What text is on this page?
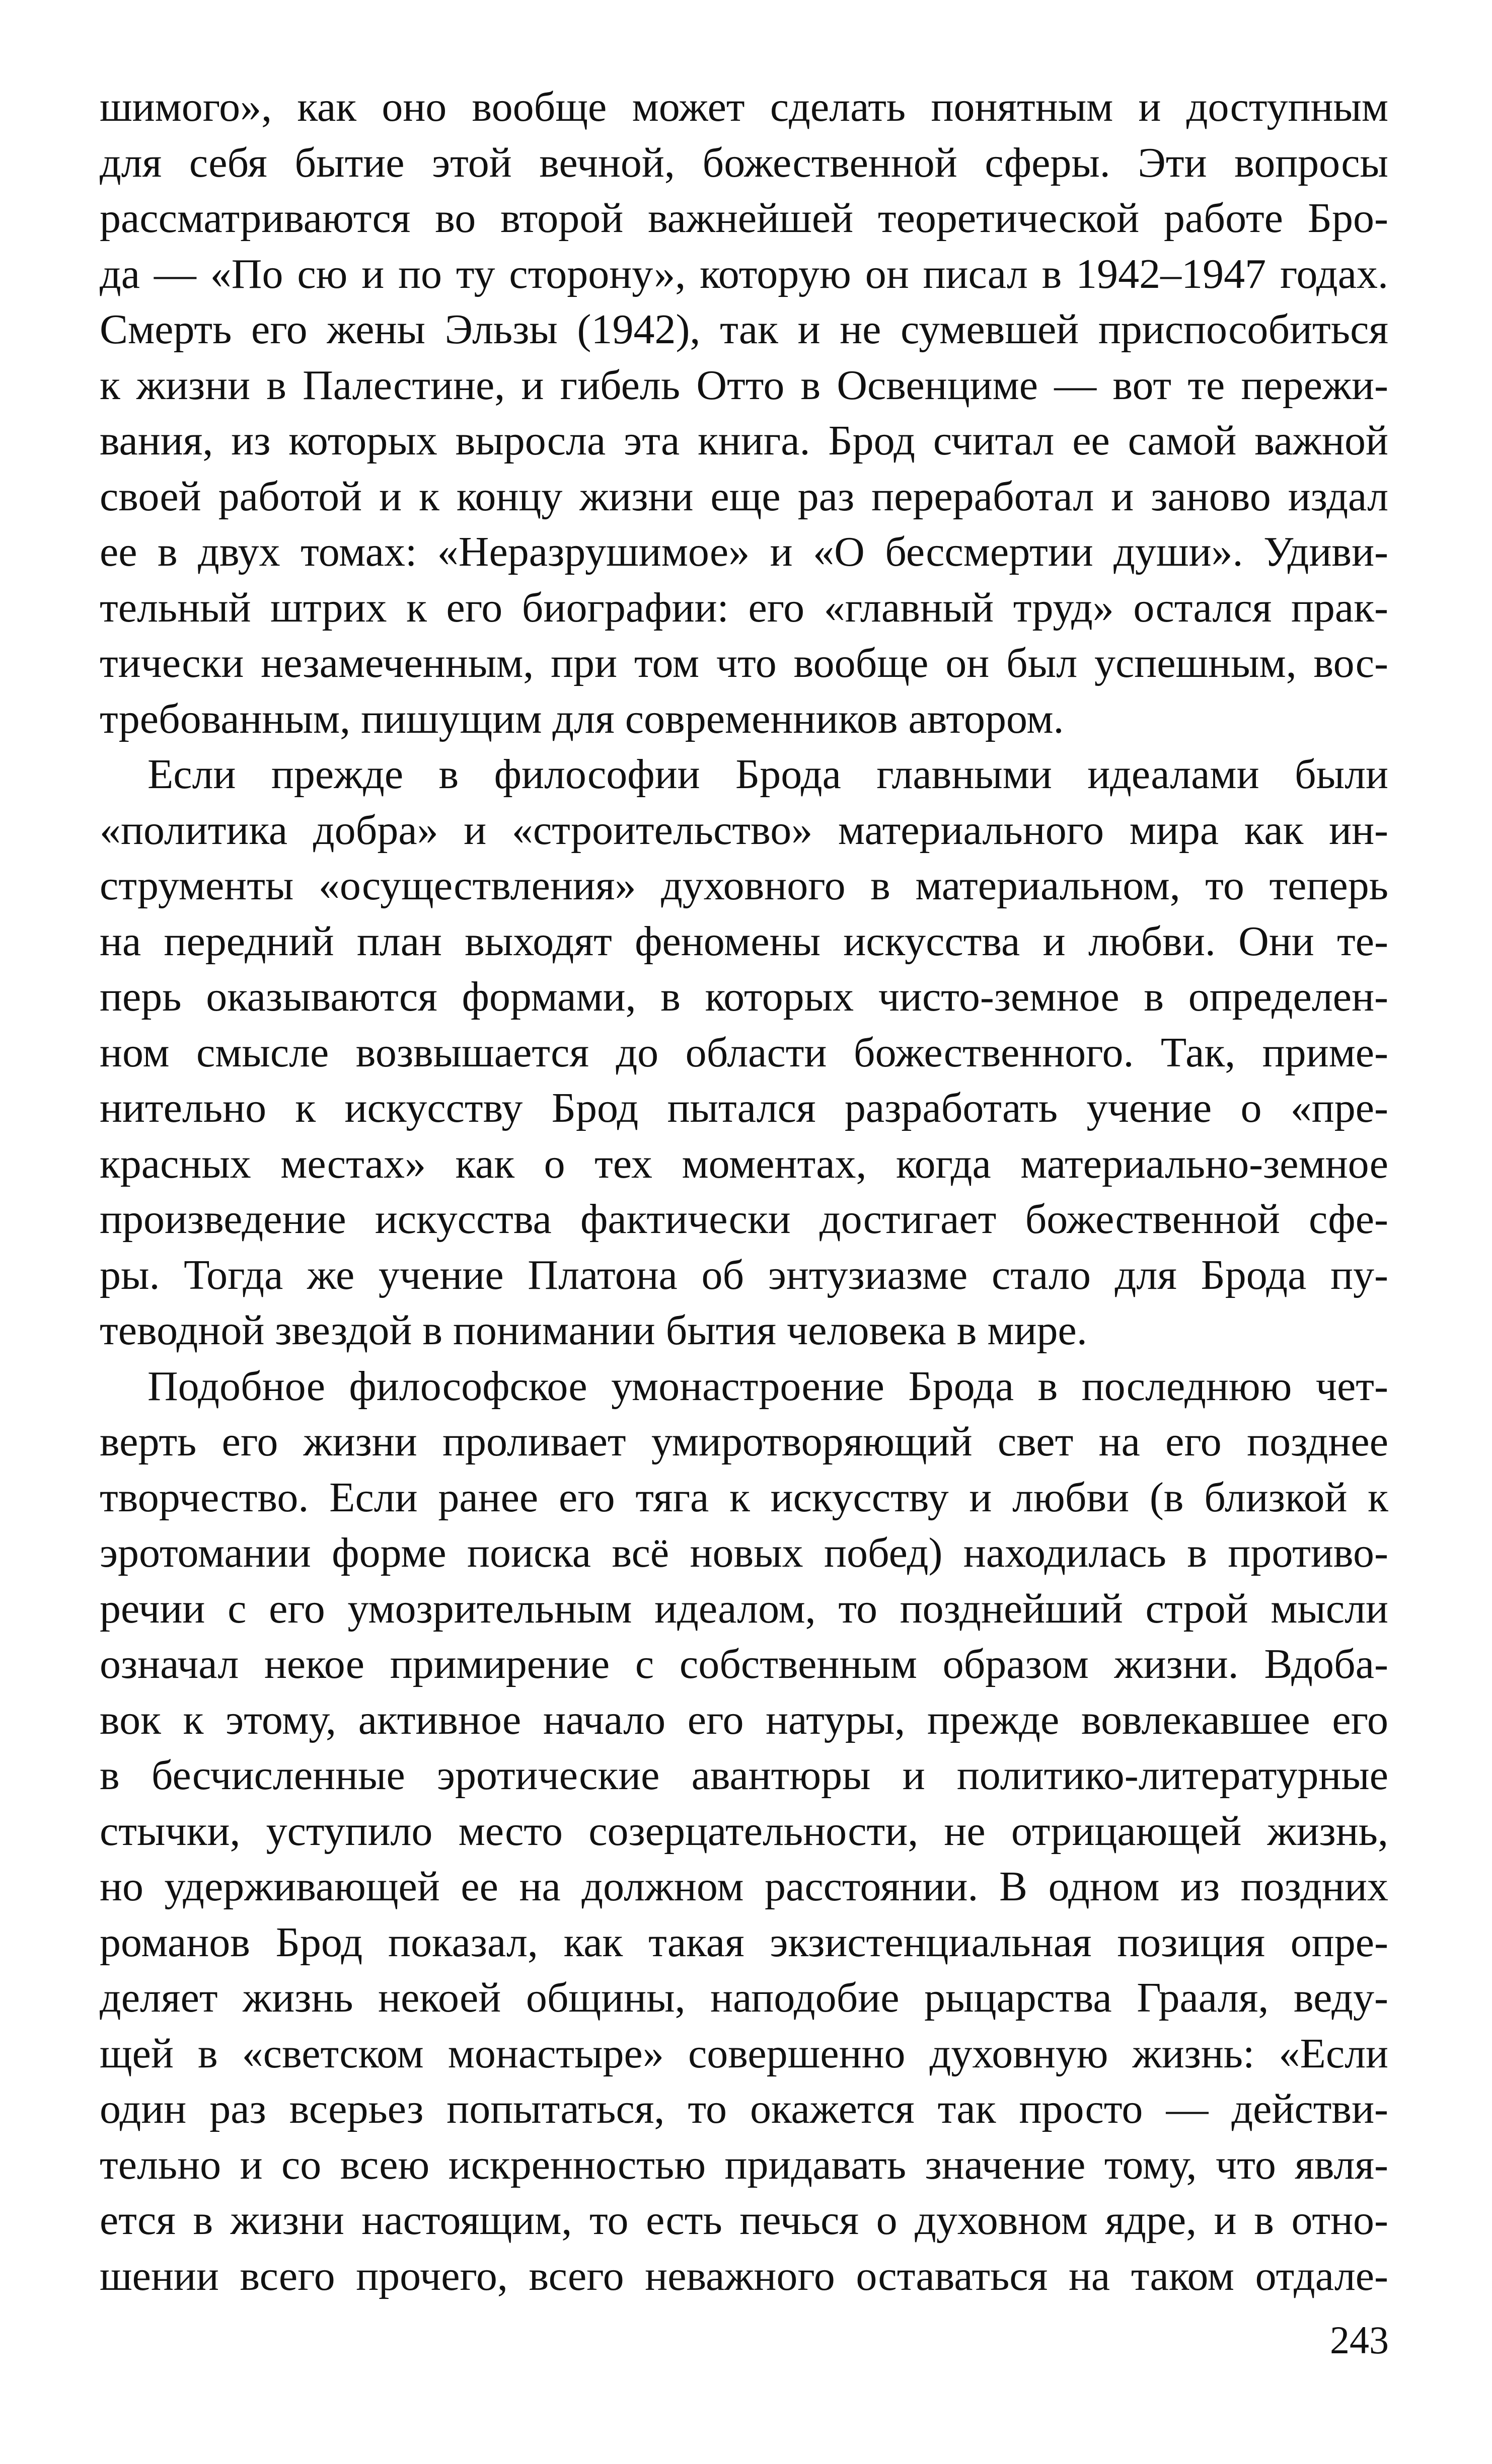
шимого», как оно вообще может сделать понятным и доступным
для себя бытие этой вечной, божественной сферы. Эти вопросы
рассматриваются во второй важнейшей теоретической работе Бро-
да — «По сю и по ту сторону», которую он писал в 1942–1947 годах.
Смерть его жены Эльзы (1942), так и не сумевшей приспособиться
к жизни в Палестине, и гибель Отто в Освенциме — вот те пережи-
вания, из которых выросла эта книга. Брод считал ее самой важной
своей работой и к концу жизни еще раз переработал и заново издал
ее в двух томах: «Неразрушимое» и «О бессмертии души». Удиви-
тельный штрих к его биографии: его «главный труд» остался прак-
тически незамеченным, при том что вообще он был успешным, вос-
требованным, пишущим для современников автором.
Если прежде в философии Брода главными идеалами были
«политика добра» и «строительство» материального мира как ин-
струменты «осуществления» духовного в материальном, то теперь
на передний план выходят феномены искусства и любви. Они те-
перь оказываются формами, в которых чисто-земное в определен-
ном смысле возвышается до области божественного. Так, приме-
нительно к искусству Брод пытался разработать учение о «пре-
красных местах» как о тех моментах, когда материально-земное
произведение искусства фактически достигает божественной сфе-
ры. Тогда же учение Платона об энтузиазме стало для Брода пу-
теводной звездой в понимании бытия человека в мире.
Подобное философское умонастроение Брода в последнюю чет-
верть его жизни проливает умиротворяющий свет на его позднее
творчество. Если ранее его тяга к искусству и любви (в близкой к
эротомании форме поиска всё новых побед) находилась в противо-
речии с его умозрительным идеалом, то позднейший строй мысли
означал некое примирение с собственным образом жизни. Вдоба-
вок к этому, активное начало его натуры, прежде вовлекавшее его
в бесчисленные эротические авантюры и политико-литературные
стычки, уступило место созерцательности, не отрицающей жизнь,
но удерживающей ее на должном расстоянии. В одном из поздних
романов Брод показал, как такая экзистенциальная позиция опре-
деляет жизнь некоей общины, наподобие рыцарства Грааля, веду-
щей в «светском монастыре» совершенно духовную жизнь: «Если
один раз всерьез попытаться, то окажется так просто — действи-
тельно и со всею искренностью придавать значение тому, что явля-
ется в жизни настоящим, то есть печься о духовном ядре, и в отно-
шении всего прочего, всего неважного оставаться на таком отдале-
243
